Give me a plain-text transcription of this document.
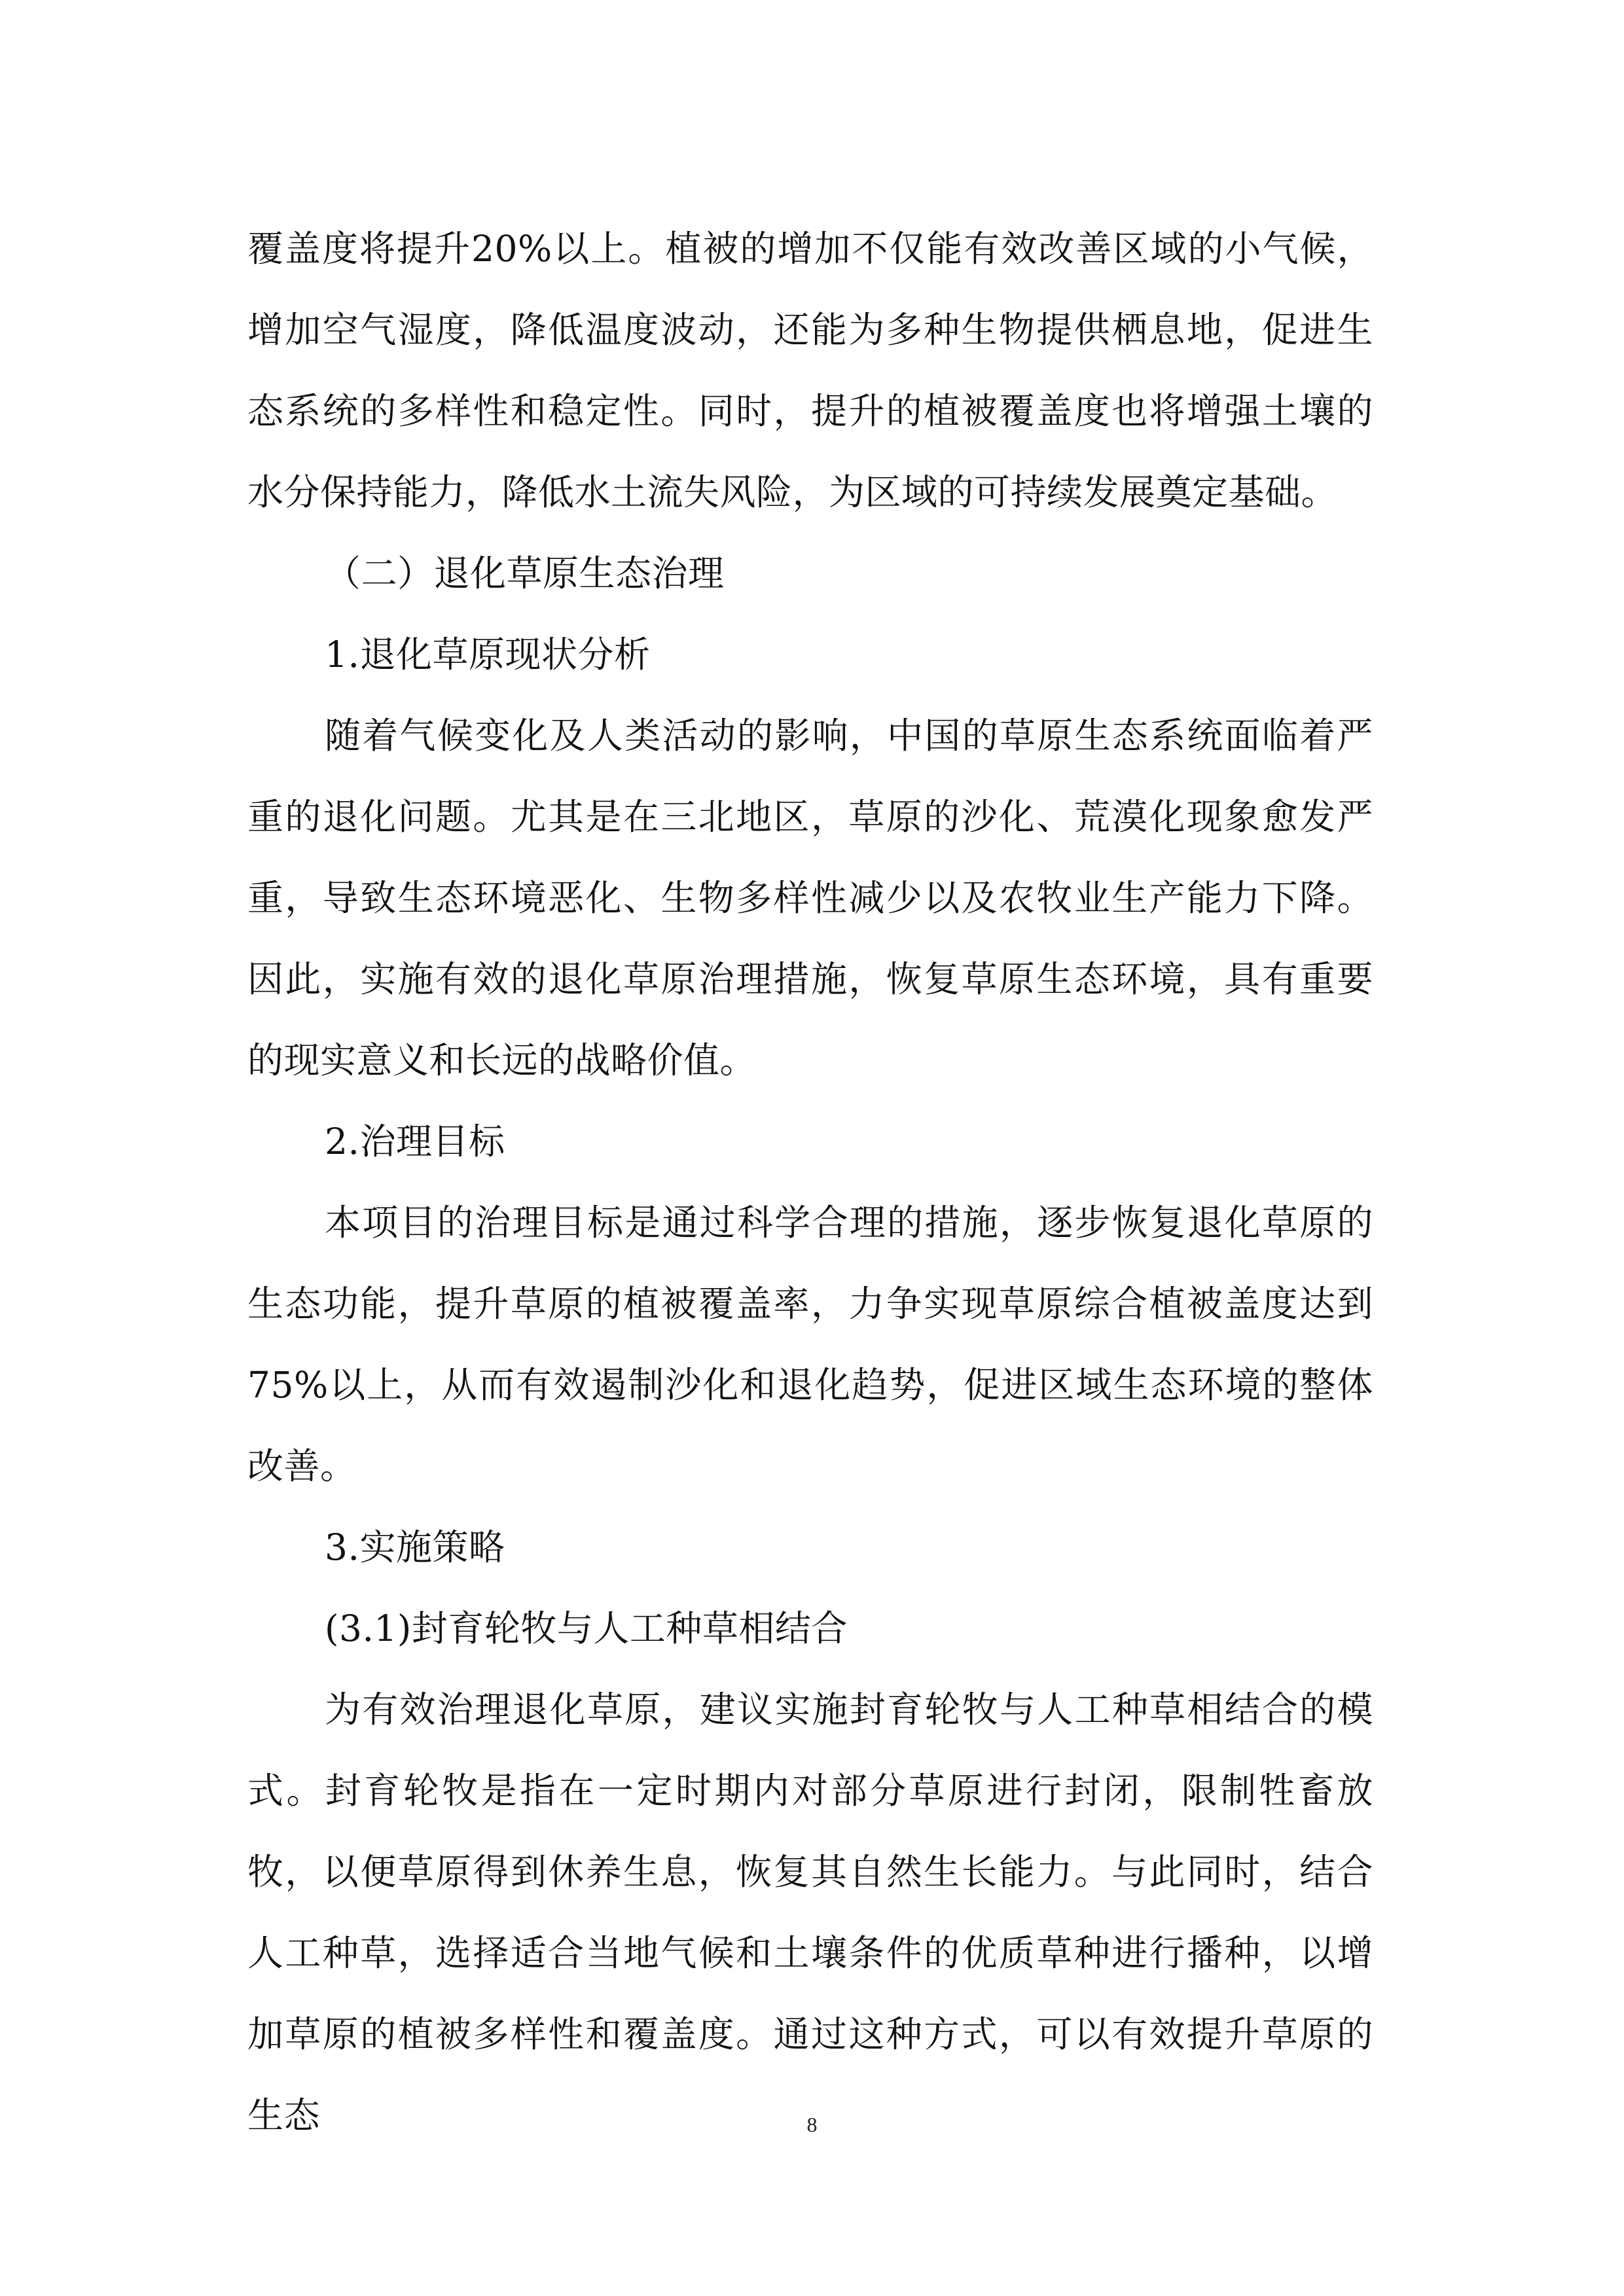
覆盖度将提升20%以上。植被的增加不仅能有效改善区域的小气候，增加空气湿度，降低温度波动，还能为多种生物提供栖息地，促进生态系统的多样性和稳定性。同时，提升的植被覆盖度也将增强土壤的水分保持能力，降低水土流失风险，为区域的可持续发展奠定基础。

（二）退化草原生态治理

1.退化草原现状分析

随着气候变化及人类活动的影响，中国的草原生态系统面临着严重的退化问题。尤其是在三北地区，草原的沙化、荒漠化现象愈发严重，导致生态环境恶化、生物多样性减少以及农牧业生产能力下降。因此，实施有效的退化草原治理措施，恢复草原生态环境，具有重要的现实意义和长远的战略价值。

2.治理目标

本项目的治理目标是通过科学合理的措施，逐步恢复退化草原的生态功能，提升草原的植被覆盖率，力争实现草原综合植被盖度达到75%以上，从而有效遏制沙化和退化趋势，促进区域生态环境的整体改善。

3.实施策略

(3.1)封育轮牧与人工种草相结合

为有效治理退化草原，建议实施封育轮牧与人工种草相结合的模式。封育轮牧是指在一定时期内对部分草原进行封闭，限制牲畜放牧，以便草原得到休养生息，恢复其自然生长能力。与此同时，结合人工种草，选择适合当地气候和土壤条件的优质草种进行播种，以增加草原的植被多样性和覆盖度。通过这种方式，可以有效提升草原的生态	8
